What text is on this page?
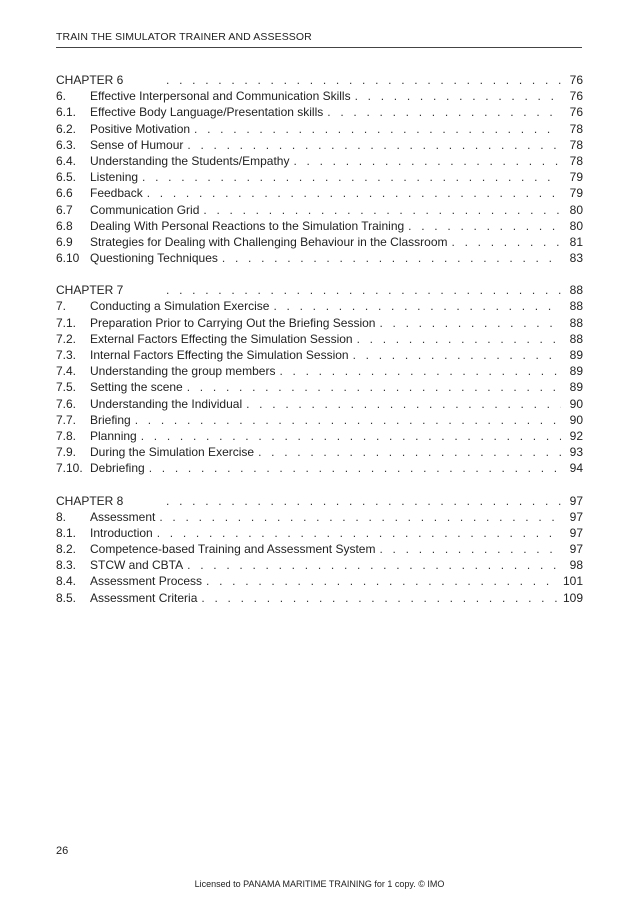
TRAIN THE SIMULATOR TRAINER AND ASSESSOR
CHAPTER 6 . . .	76
6.	Effective Interpersonal and Communication Skills . . .	76
6.1.	Effective Body Language/Presentation skills . . .	76
6.2.	Positive Motivation . . .	78
6.3.	Sense of Humour . . .	78
6.4.	Understanding the Students/Empathy . . .	78
6.5.	Listening . . .	79
6.6	Feedback . . .	79
6.7	Communication Grid . . .	80
6.8	Dealing With Personal Reactions to the Simulation Training . . .	80
6.9	Strategies for Dealing with Challenging Behaviour in the Classroom . . .	81
6.10 Questioning Techniques . . .	83
CHAPTER 7 . . .	88
7.	Conducting a Simulation Exercise . . .	88
7.1.	Preparation Prior to Carrying Out the Briefing Session . . .	88
7.2.	External Factors Effecting the Simulation Session . . .	88
7.3.	Internal Factors Effecting the Simulation Session . . .	89
7.4.	Understanding the group members . . .	89
7.5.	Setting the scene . . .	89
7.6.	Understanding the Individual . . .	90
7.7.	Briefing . . .	90
7.8.	Planning . . .	92
7.9.	During the Simulation Exercise . . .	93
7.10. Debriefing . . .	94
CHAPTER 8 . . .	97
8.	Assessment . . .	97
8.1.	Introduction . . .	97
8.2.	Competence-based Training and Assessment System . . .	97
8.3.	STCW and CBTA . . .	98
8.4.	Assessment Process . . .	101
8.5.	Assessment Criteria . . .	109
26
Licensed to PANAMA MARITIME TRAINING for 1 copy. © IMO
